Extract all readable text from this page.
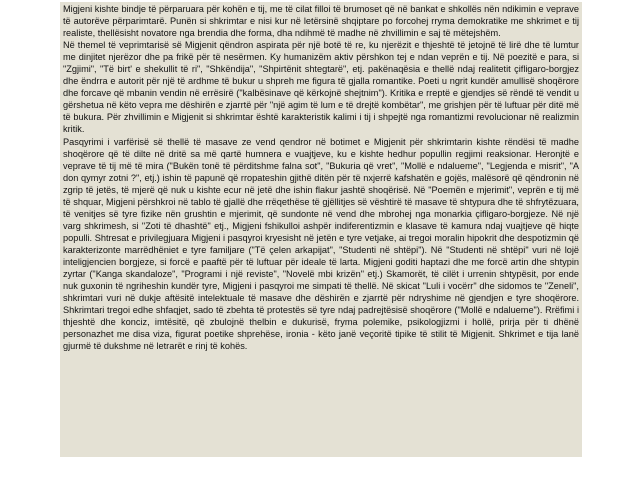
Migjeni kishte bindje të përparuara për kohën e tij, me të cilat filloi të brumoset që në bankat e shkollës nën ndikimin e veprave të autorëve përparimtarë. Punën si shkrimtar e nisi kur në letërsinë shqiptare po forcohej rryma demokratike me shkrimet e tij realiste, thellësisht novatore nga brendia dhe forma, dha ndihmë të madhe në zhvillimin e saj të mëtejshëm.

Në themel të veprimtarisë së Migjenit qëndron aspirata për një botë të re, ku njerëzit e thjeshtë të jetojnë të lirë dhe të lumtur me dinjitet njerëzor dhe pa frikë për të nesërmen. Ky humanizëm aktiv përshkon tej e ndan veprën e tij. Në poezitë e para, si "Zgjimi", "Të birt' e shekullit të ri", "Shkëndija", "Shpirtënit shtegtarë", etj. pakënaqësia e thellë ndaj realitetit çifligaro-borgjez dhe ëndrra e autorit për një të ardhme të bukur u shpreh me figura të gjalla romantike. Poeti u ngrit kundër amullisë shoqërore dhe forcave që mbanin vendin në errësirë ("kalbësinave që kërkojnë shejtnim"). Kritika e rreptë e gjendjes së rëndë të vendit u gërshetua në këto vepra me dëshirën e zjarrtë për "një agim të lum e të drejtë kombëtar", me grishjen për të luftuar për ditë më të bukura. Për zhvillimin e Migjenit si shkrimtar është karakteristik kalimi i tij i shpejtë nga romantizmi revolucionar në realizmin kritik.

Pasqyrimi i varfërisë së thellë të masave ze vend qendror në botimet e Migjenit për shkrimtarin kishte rëndësi të madhe shoqërore që të dilte në dritë sa më qartë humnera e vuajtjeve, ku e kishte hedhur popullin regjimi reaksionar. Heronjtë e veprave të tij më të mira ("Bukën tonë të përditshme falna sot", "Bukuria që vret", "Mollë e ndalueme", "Legjenda e misrit", "A don qymyr zotni ?", etj.) ishin të papunë që rropateshin gjithë ditën për të nxjerrë kafshatën e gojës, malësorë që qëndronin në zgrip të jetës, të mjerë që nuk u kishte ecur në jetë dhe ishin flakur jashtë shoqërisë. Në "Poemën e mjerimit", veprën e tij më të shquar, Migjeni përshkroi në tablo të gjallë dhe rrëqethëse të gjëllitjes së vështirë të masave të shtypura dhe të shfrytëzuara, të venitjes së tyre fizike nën grushtin e mjerimit, që sundonte në vend dhe mbrohej nga monarkia çifligaro-borgjeze. Në një varg shkrimesh, si "Zoti të dhashtë" etj., Migjeni fshikulloi ashpër indiferentizmin e klasave të kamura ndaj vuajtjeve që hiqte populli. Shtresat e privilegjuara Migjeni i pasqyroi kryesisht në jetën e tyre vetjake, ai tregoi moralin hipokrit dhe despotizmin që karakterizonte marrëdhëniet e tyre familjare ("Të çelen arkapijat", "Studenti në shtëpi"). Në "Studenti në shtëpi" vuri në lojë inteligjencien borgjeze, si forcë e paaftë për të luftuar për ideale të larta. Migjeni goditi haptazi dhe me forcë artin dhe shtypin zyrtar ("Kanga skandaloze", "Programi i një reviste", "Novelë mbi krizën" etj.) Skamorët, të cilët i urrenin shtypësit, por ende nuk guxonin të ngriheshin kundër tyre, Migjeni i pasqyroi me simpati të thellë. Në skicat "Luli i vocërr" dhe sidomos te "Zeneli", shkrimtari vuri në dukje aftësitë intelektuale të masave dhe dëshirën e zjarrtë për ndryshime në gjendjen e tyre shoqërore. Shkrimtari tregoi edhe shfaqjet, sado të zbehta të protestës së tyre ndaj padrejtësisë shoqërore ("Mollë e ndalueme"). Rrëfimi i thjeshtë dhe konciz, imtësitë, që zbulojnë thelbin e dukurisë, fryma polemike, psikologjizmi i hollë, prirja për ti dhënë personazhet me disa viza, figurat poetike shprehëse, ironia - këto janë veçoritë tipike të stilit të Migjenit. Shkrimet e tija lanë gjurmë të dukshme në letrarët e rinj të kohës.
